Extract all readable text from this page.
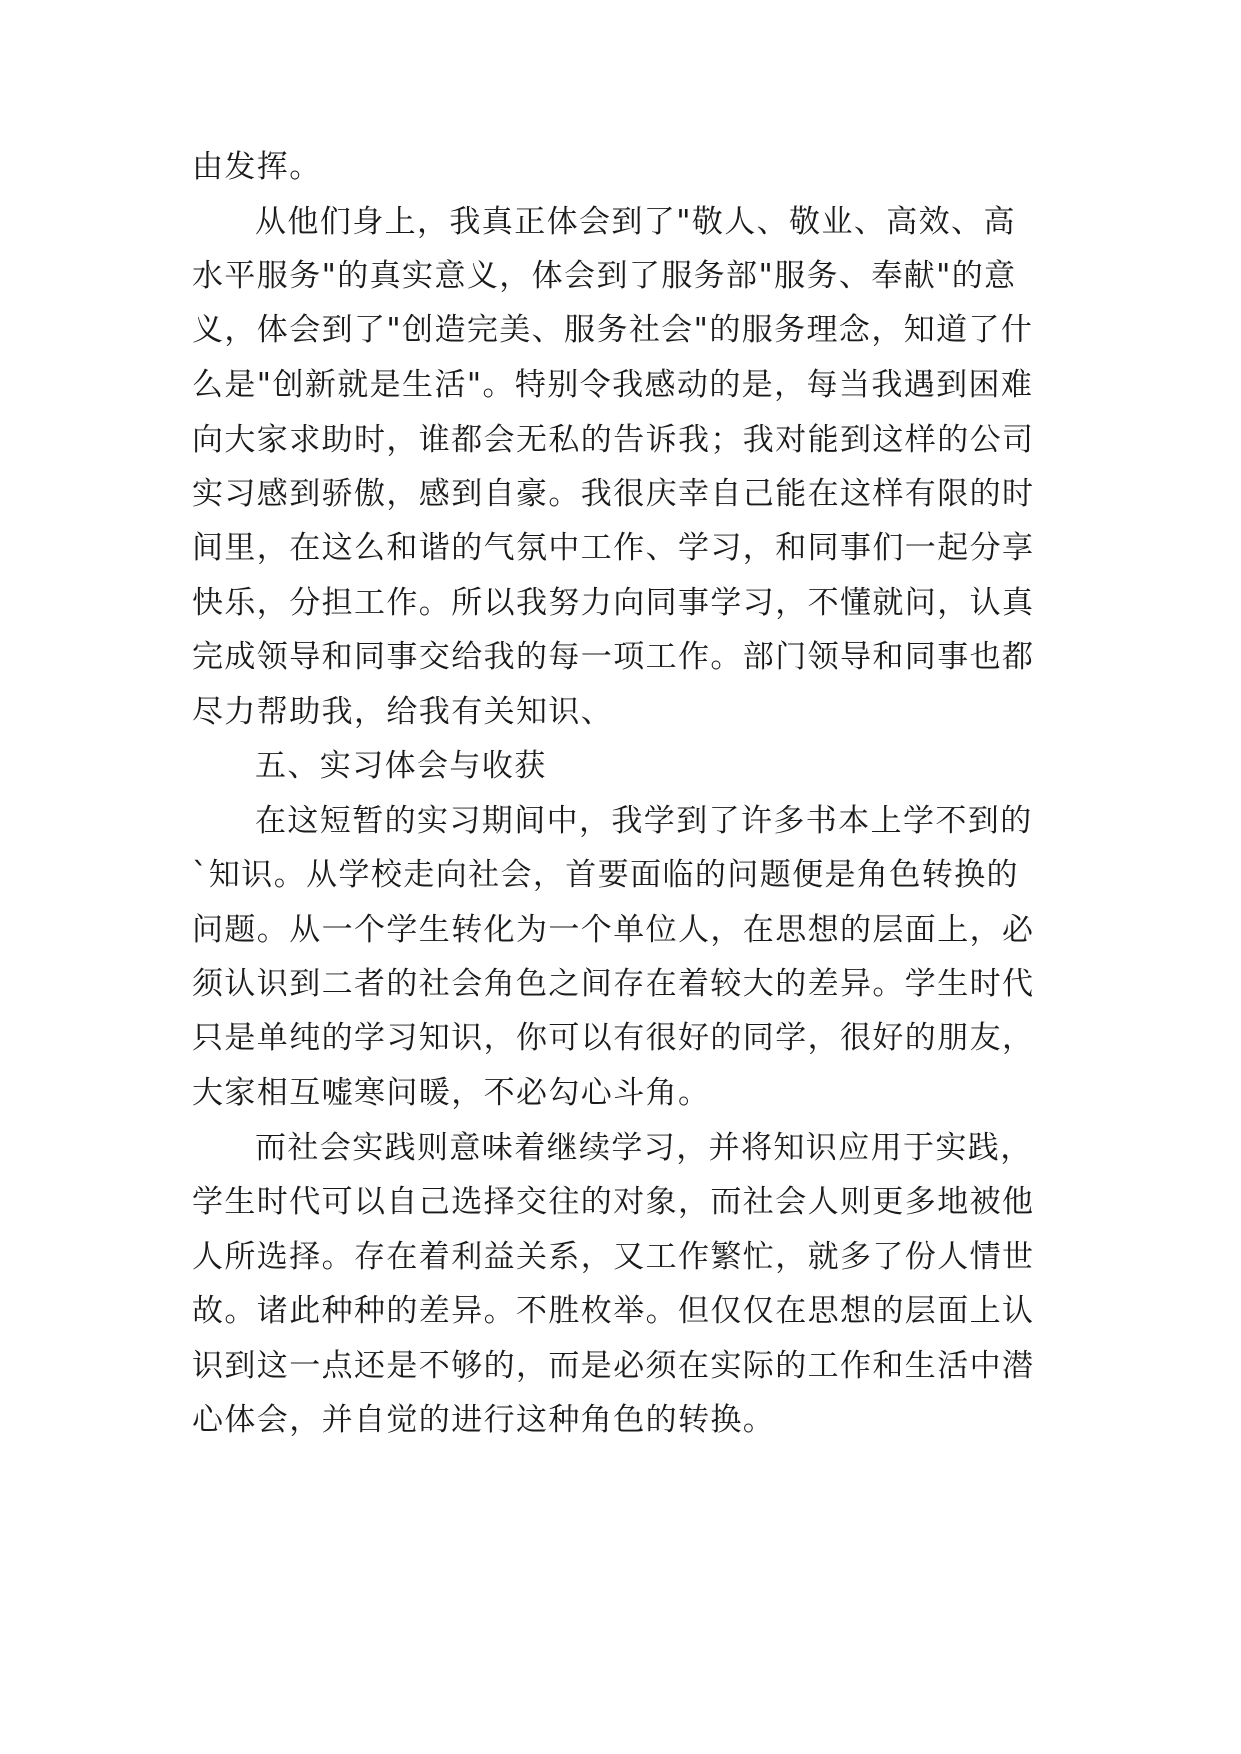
由发挥。

从他们身上，我真正体会到了"敬人、敬业、高效、高

水平服务"的真实意义，体会到了服务部"服务、奉献"的意

义，体会到了"创造完美、服务社会"的服务理念，知道了什

么是"创新就是生活"。特别令我感动的是，每当我遇到困难

向大家求助时，谁都会无私的告诉我；我对能到这样的公司

实习感到骄傲，感到自豪。我很庆幸自己能在这样有限的时

间里，在这么和谐的气氛中工作、学习，和同事们一起分享

快乐，分担工作。所以我努力向同事学习，不懂就问，认真

完成领导和同事交给我的每一项工作。部门领导和同事也都

尽力帮助我，给我有关知识、

五、实习体会与收获

在这短暂的实习期间中，我学到了许多书本上学不到的

`知识。从学校走向社会，首要面临的问题便是角色转换的

问题。从一个学生转化为一个单位人，在思想的层面上，必

须认识到二者的社会角色之间存在着较大的差异。学生时代

只是单纯的学习知识，你可以有很好的同学，很好的朋友，

大家相互嘘寒问暖，不必勾心斗角。

而社会实践则意味着继续学习，并将知识应用于实践，

学生时代可以自己选择交往的对象，而社会人则更多地被他

人所选择。存在着利益关系，又工作繁忙，就多了份人情世

故。诸此种种的差异。不胜枚举。但仅仅在思想的层面上认

识到这一点还是不够的，而是必须在实际的工作和生活中潜

心体会，并自觉的进行这种角色的转换。
